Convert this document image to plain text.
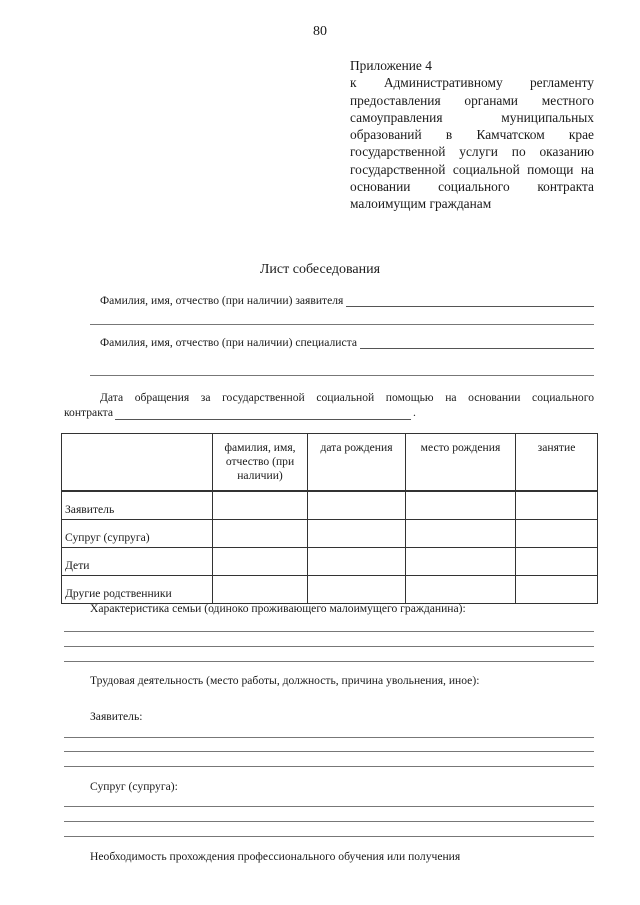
80
Приложение 4
к Административному регламенту предоставления органами местного самоуправления муниципальных образований в Камчатском крае государственной услуги по оказанию государственной социальной помощи на основании социального контракта малоимущим гражданам
Лист собеседования
Фамилия, имя, отчество (при наличии) заявителя
Фамилия, имя, отчество (при наличии) специалиста
Дата обращения за государственной социальной помощью на основании социального
контракта	.
	фамилия, имя, отчество (при наличии)	дата рождения	место рождения	занятие
Заявитель				
Супруг (супруга)				
Дети				
Другие родственники				
Характеристика семьи (одиноко проживающего малоимущего гражданина):
Трудовая деятельность (место работы, должность, причина увольнения, иное):
Заявитель:
Супруг (супруга):
Необходимость прохождения профессионального обучения или получения
